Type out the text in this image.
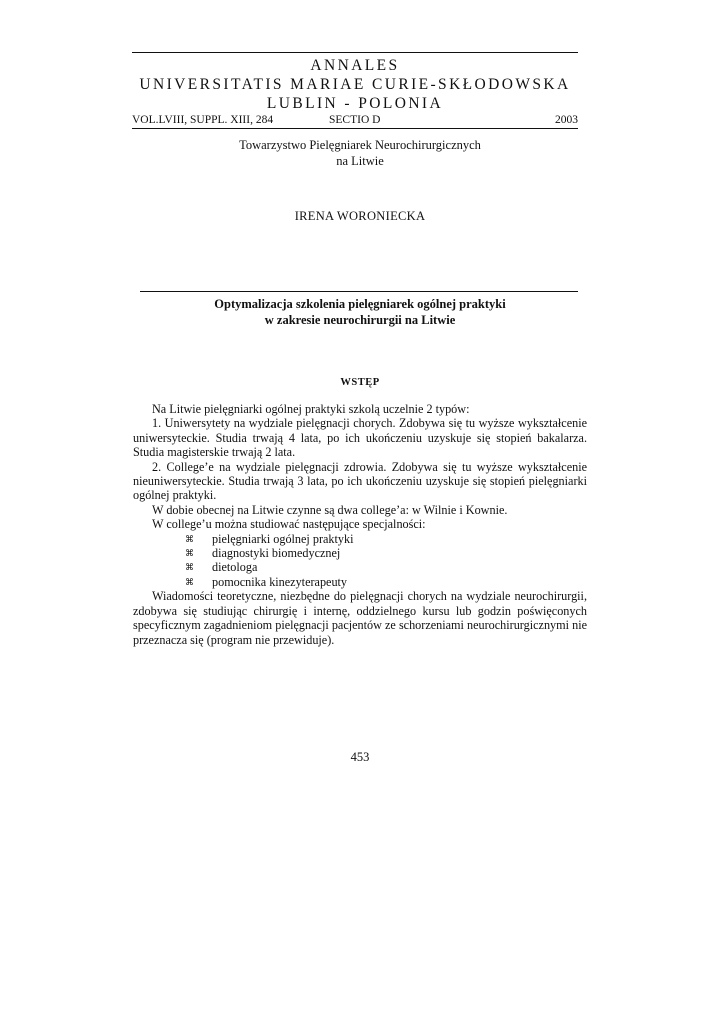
ANNALES
UNIVERSITATIS MARIAE CURIE-SKŁODOWSKA
LUBLIN - POLONIA
VOL.LVIII, SUPPL. XIII, 284	SECTIO D	2003
Towarzystwo Pielęgniarek Neurochirurgicznych
na Litwie
IRENA WORONIECKA
Optymalizacja szkolenia pielęgniarek ogólnej praktyki
w zakresie neurochirurgii na Litwie
WSTĘP

Na Litwie pielęgniarki ogólnej praktyki szkolą uczelnie 2 typów:

1. Uniwersytety na wydziale pielęgnacji chorych. Zdobywa się tu wyższe wykształcenie uniwersyteckie. Studia trwają 4 lata, po ich ukończeniu uzyskuje się stopień bakalarza. Studia magisterskie trwają 2 lata.

2. College’e na wydziale pielęgnacji zdrowia. Zdobywa się tu wyższe wykształcenie nieuniwersyteckie. Studia trwają 3 lata, po ich ukończeniu uzyskuje się stopień pielęgniarki ogólnej praktyki.

W dobie obecnej na Litwie czynne są dwa college’a: w Wilnie i Kownie.

W college’u można studiować następujące specjalności:

⌘ pielęgniarki ogólnej praktyki
⌘ diagnostyki biomedycznej
⌘ dietologa
⌘ pomocnika kinezyterapeuty

Wiadomości teoretyczne, niezbędne do pielęgnacji chorych na wydziale neurochirurgii, zdobywa się studiując chirurgię i internę, oddzielnego kursu lub godzin poświęconych specyficznym zagadnieniom pielęgnacji pacjentów ze schorzeniami neurochirurgicznymi nie przeznacza się (program nie przewiduje).

453
